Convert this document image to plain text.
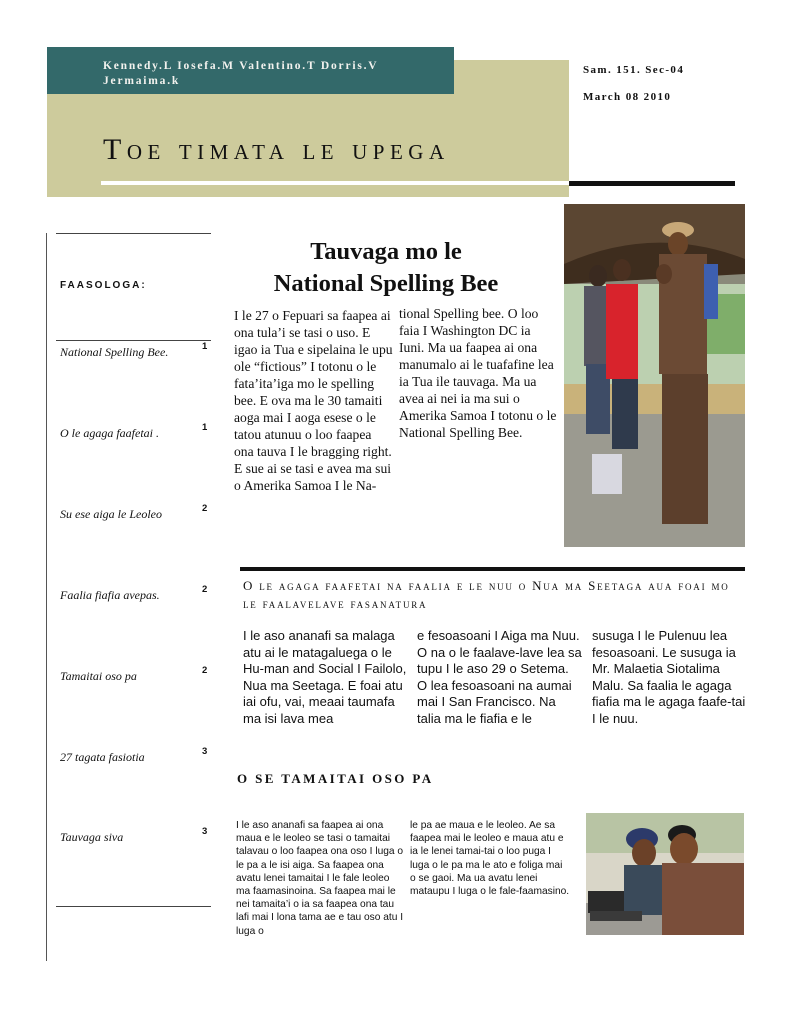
Kennedy.L Iosefa.M Valentino.T Dorris.V Jermaima.k
Sam. 151. Sec-04
March 08 2010
Toe timata le upega
FAASOLOGA:
National Spelling Bee.	1
O le agaga faafetai .	1
Su ese aiga le Leoleo	2
Faalia fiafia avepas.	2
Tamaitai oso pa	2
27 tagata fasiotia	3
Tauvaga siva	3
Tauvaga mo le
National Spelling Bee

I le 27 o Fepuari sa faapea ai ona tula’i se tasi o uso. E igao ia Tua e sipelaina le upu ole “fictious” I totonu o le fata’ita’iga mo le spelling bee. E ova ma le 30 tamaiti aoga mai I aoga esese o le tatou atunuu o loo faapea ona tauva I le bragging right. E sue ai se tasi e avea ma sui o Amerika Samoa I le Na-

tional Spelling bee. O loo faia I Washington DC ia Iuni. Ma ua faapea ai ona manumalo ai le tuafafine lea ia Tua ile tauvaga. Ma ua avea ai nei ia ma sui o Amerika Samoa I totonu o le National Spelling Bee.

O le agaga faafetai na faalia e le nuu o Nua ma Seetaga aua foai mo le faalavelave fasanatura

I le aso ananafi sa malaga atu ai le matagaluega o le Hu-man and Social I Failolo, Nua ma Seetaga. E foai atu iai ofu, vai, meaai taumafa ma isi lava mea

e fesoasoani I Aiga ma Nuu. O na o le faalave-lave lea sa tupu I le aso 29 o Setema. O lea fesoasoani na aumai mai I San Francisco. Na talia ma le fiafia e le

susuga I le Pulenuu lea fesoasoani. Le susuga ia Mr. Malaetia Siotalima Malu. Sa faalia le agaga fiafia ma le agaga faafe-tai I le nuu.

O SE TAMAITAI OSO PA

I le aso ananafi sa faapea ai ona maua e le leoleo se tasi o tamaitai talavau o loo faapea ona oso I luga o le pa a le isi aiga. Sa faapea ona avatu lenei tamaitai I le fale leoleo ma faamasinoina. Sa faapea mai le nei tamaita’i o ia sa faapea ona tau lafi mai I lona tama ae e tau oso atu I luga o

le pa ae maua e le leoleo. Ae sa faapea mai le leoleo e maua atu e ia le lenei tamai-tai o loo puga I luga o le pa ma le ato e foliga mai o se gaoi. Ma ua avatu lenei mataupu I luga o le fale-faamasino.
